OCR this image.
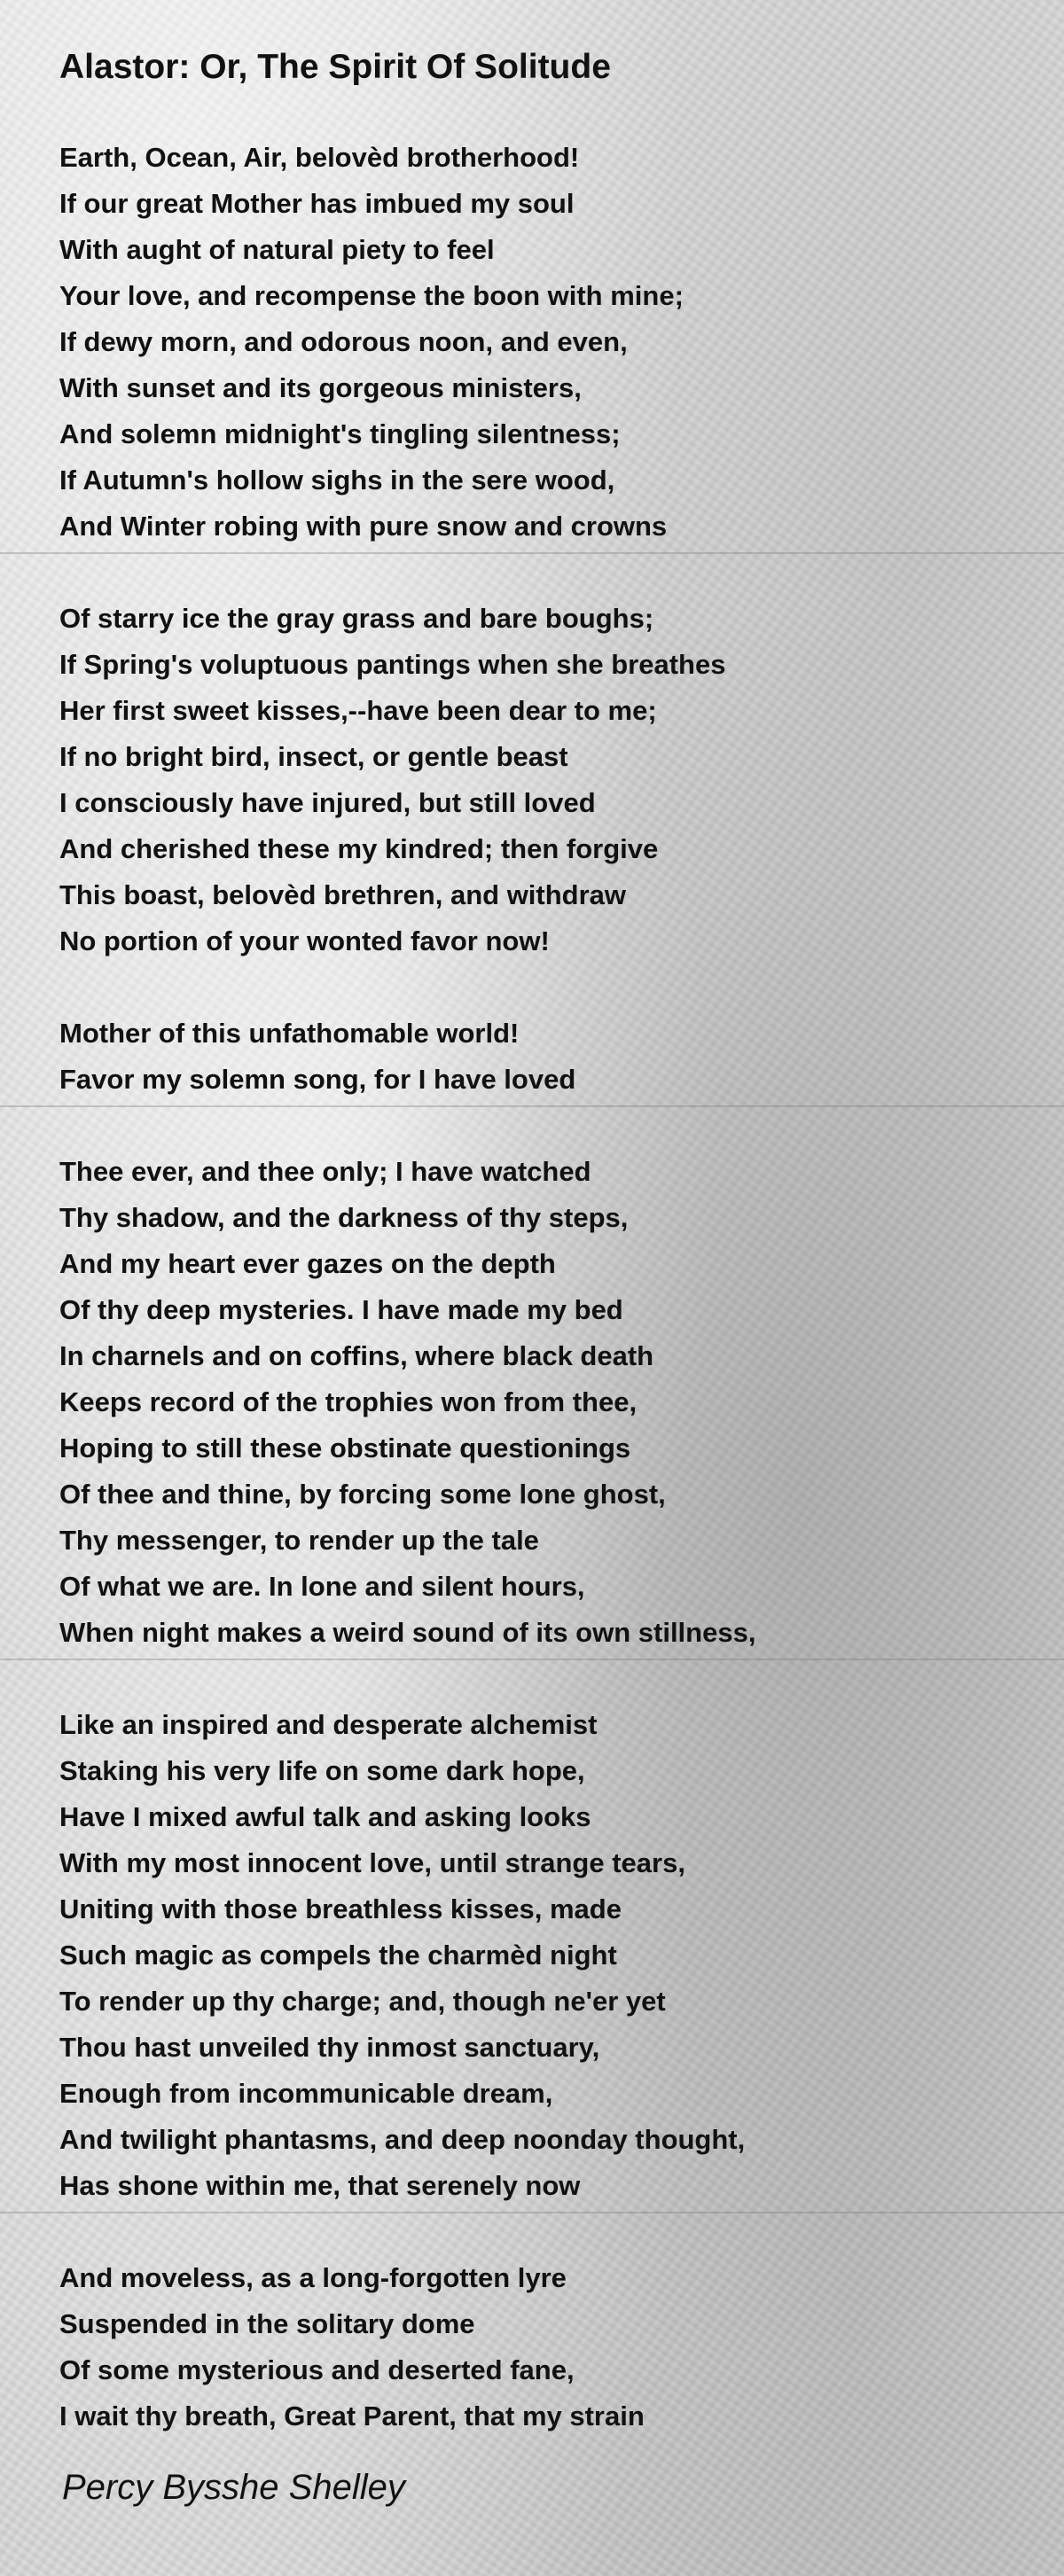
Alastor: Or, The Spirit Of Solitude
Earth, Ocean, Air, belovèd brotherhood!
If our great Mother has imbued my soul
With aught of natural piety to feel
Your love, and recompense the boon with mine;
If dewy morn, and odorous noon, and even,
With sunset and its gorgeous ministers,
And solemn midnight's tingling silentness;
If Autumn's hollow sighs in the sere wood,
And Winter robing with pure snow and crowns
Of starry ice the gray grass and bare boughs;
If Spring's voluptuous pantings when she breathes
Her first sweet kisses,--have been dear to me;
If no bright bird, insect, or gentle beast
I consciously have injured, but still loved
And cherished these my kindred; then forgive
This boast, belovèd brethren, and withdraw
No portion of your wonted favor now!
Mother of this unfathomable world!
Favor my solemn song, for I have loved
Thee ever, and thee only; I have watched
Thy shadow, and the darkness of thy steps,
And my heart ever gazes on the depth
Of thy deep mysteries. I have made my bed
In charnels and on coffins, where black death
Keeps record of the trophies won from thee,
Hoping to still these obstinate questionings
Of thee and thine, by forcing some lone ghost,
Thy messenger, to render up the tale
Of what we are. In lone and silent hours,
When night makes a weird sound of its own stillness,
Like an inspired and desperate alchemist
Staking his very life on some dark hope,
Have I mixed awful talk and asking looks
With my most innocent love, until strange tears,
Uniting with those breathless kisses, made
Such magic as compels the charmèd night
To render up thy charge; and, though ne'er yet
Thou hast unveiled thy inmost sanctuary,
Enough from incommunicable dream,
And twilight phantasms, and deep noonday thought,
Has shone within me, that serenely now
And moveless, as a long-forgotten lyre
Suspended in the solitary dome
Of some mysterious and deserted fane,
I wait thy breath, Great Parent, that my strain
Percy Bysshe Shelley
